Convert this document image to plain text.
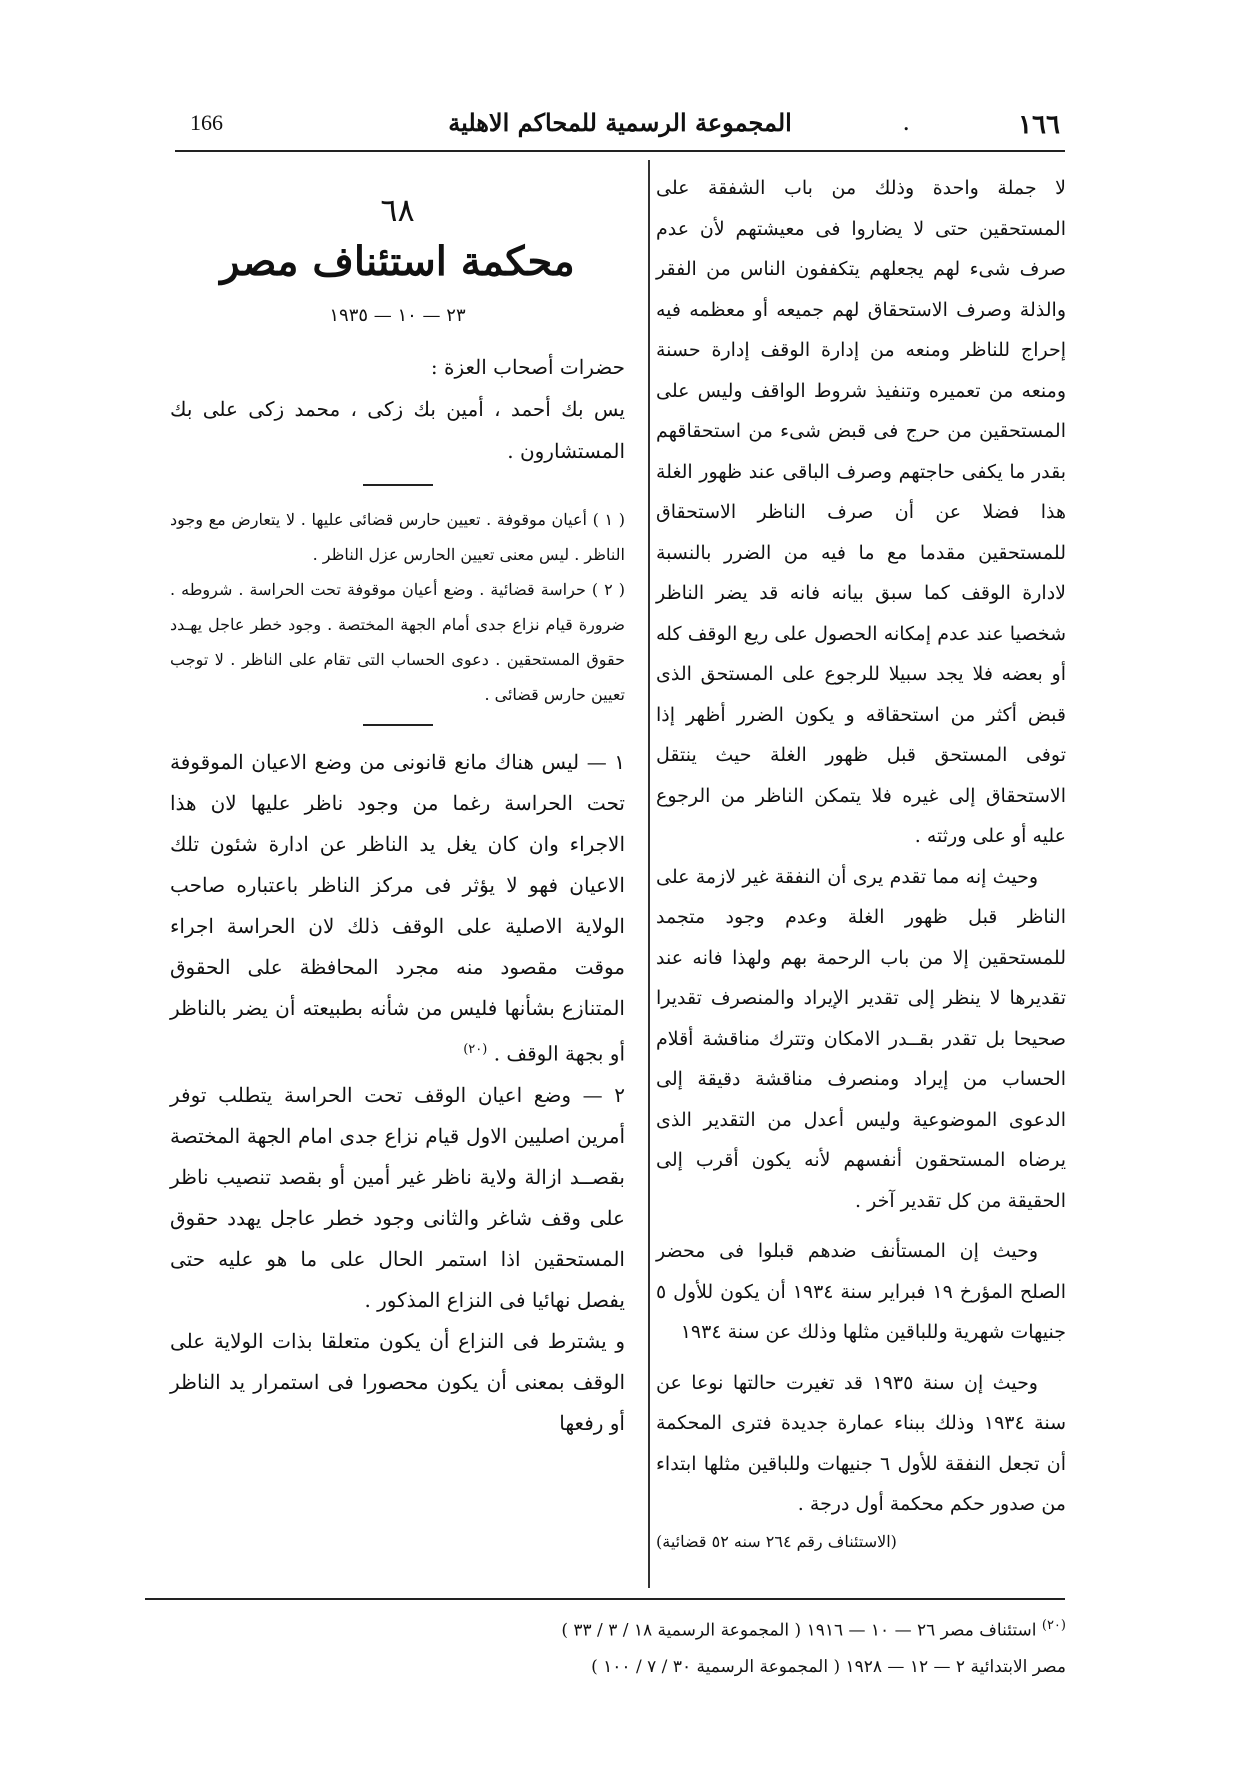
166	المجموعة الرسمية للمحاكم الاهلية	.	١٦٦

لا جملة واحدة وذلك من باب الشفقة على المستحقين حتى لا يضاروا فى معيشتهم لأن عدم صرف شىء لهم يجعلهم يتكففون الناس من الفقر والذلة وصرف الاستحقاق لهم جميعه أو معظمه فيه إحراج للناظر ومنعه من إدارة الوقف إدارة حسنة ومنعه من تعميره وتنفيذ شروط الواقف وليس على المستحقين من حرج فى قبض شىء من استحقاقهم بقدر ما يكفى حاجتهم وصرف الباقى عند ظهور الغلة هذا فضلا عن أن صرف الناظر الاستحقاق للمستحقين مقدما مع ما فيه من الضرر بالنسبة لادارة الوقف كما سبق بيانه فانه قد يضر الناظر شخصيا عند عدم إمكانه الحصول على ريع الوقف كله أو بعضه فلا يجد سبيلا للرجوع على المستحق الذى قبض أكثر من استحقاقه و يكون الضرر أظهر إذا توفى المستحق قبل ظهور الغلة حيث ينتقل الاستحقاق إلى غيره فلا يتمكن الناظر من الرجوع عليه أو على ورثته .

وحيث إنه مما تقدم يرى أن النفقة غير لازمة على الناظر قبل ظهور الغلة وعدم وجود متجمد للمستحقين إلا من باب الرحمة بهم ولهذا فانه عند تقديرها لا ينظر إلى تقدير الإيراد والمنصرف تقديرا صحيحا بل تقدر بقــدر الامكان وتترك مناقشة أقلام الحساب من إيراد ومنصرف مناقشة دقيقة إلى الدعوى الموضوعية وليس أعدل من التقدير الذى يرضاه المستحقون أنفسهم لأنه يكون أقرب إلى الحقيقة من كل تقدير آخر .

وحيث إن المستأنف ضدهم قبلوا فى محضر الصلح المؤرخ ١٩ فبراير سنة ١٩٣٤ أن يكون للأول ٥ جنيهات شهرية وللباقين مثلها وذلك عن سنة ١٩٣٤

وحيث إن سنة ١٩٣٥ قد تغيرت حالتها نوعا عن سنة ١٩٣٤ وذلك ببناء عمارة جديدة فترى المحكمة أن تجعل النفقة للأول ٦ جنيهات وللباقين مثلها ابتداء من صدور حكم محكمة أول درجة .

(الاستئناف رقم ٢٦٤ سنه ٥٢ قضائية)

٦٨
محكمة استئناف مصر
٢٣ — ١٠ — ١٩٣٥

حضرات أصحاب العزة :

يس بك أحمد ، أمين بك زكى ، محمد زكى على بك المستشارون .

( ١ ) أعيان موقوفة . تعيين حارس قضائى عليها . لا يتعارض مع وجود الناظر . ليس معنى تعيين الحارس عزل الناظر .

( ٢ ) حراسة قضائية . وضع أعيان موقوفة تحت الحراسة . شروطه . ضرورة قيام نزاع جدى أمام الجهة المختصة . وجود خطر عاجل يهـدد حقوق المستحقين . دعوى الحساب التى تقام على الناظر . لا توجب تعيين حارس قضائى .

١ — ليس هناك مانع قانونى من وضع الاعيان الموقوفة تحت الحراسة رغما من وجود ناظر عليها لان هذا الاجراء وان كان يغل يد الناظر عن ادارة شئون تلك الاعيان فهو لا يؤثر فى مركز الناظر باعتباره صاحب الولاية الاصلية على الوقف ذلك لان الحراسة اجراء موقت مقصود منه مجرد المحافظة على الحقوق المتنازع بشأنها فليس من شأنه بطبيعته أن يضر بالناظر أو بجهة الوقف . $^{(٢٠)}$

٢ — وضع اعيان الوقف تحت الحراسة يتطلب توفر أمرين اصليين الاول قيام نزاع جدى امام الجهة المختصة بقصــد ازالة ولاية ناظر غير أمين أو بقصد تنصيب ناظر على وقف شاغر والثانى وجود خطر عاجل يهدد حقوق المستحقين اذا استمر الحال على ما هو عليه حتى يفصل نهائيا فى النزاع المذكور .

و يشترط فى النزاع أن يكون متعلقا بذات الولاية على الوقف بمعنى أن يكون محصورا فى استمرار يد الناظر أو رفعها

$^{(٢٠)}$ استئناف مصر ٢٦ — ١٠ — ١٩١٦ ( المجموعة الرسمية ١٨ / ٣ / ٣٣ )

مصر الابتدائية ٢ — ١٢ — ١٩٢٨ ( المجموعة الرسمية ٣٠ / ٧ / ١٠٠ )
